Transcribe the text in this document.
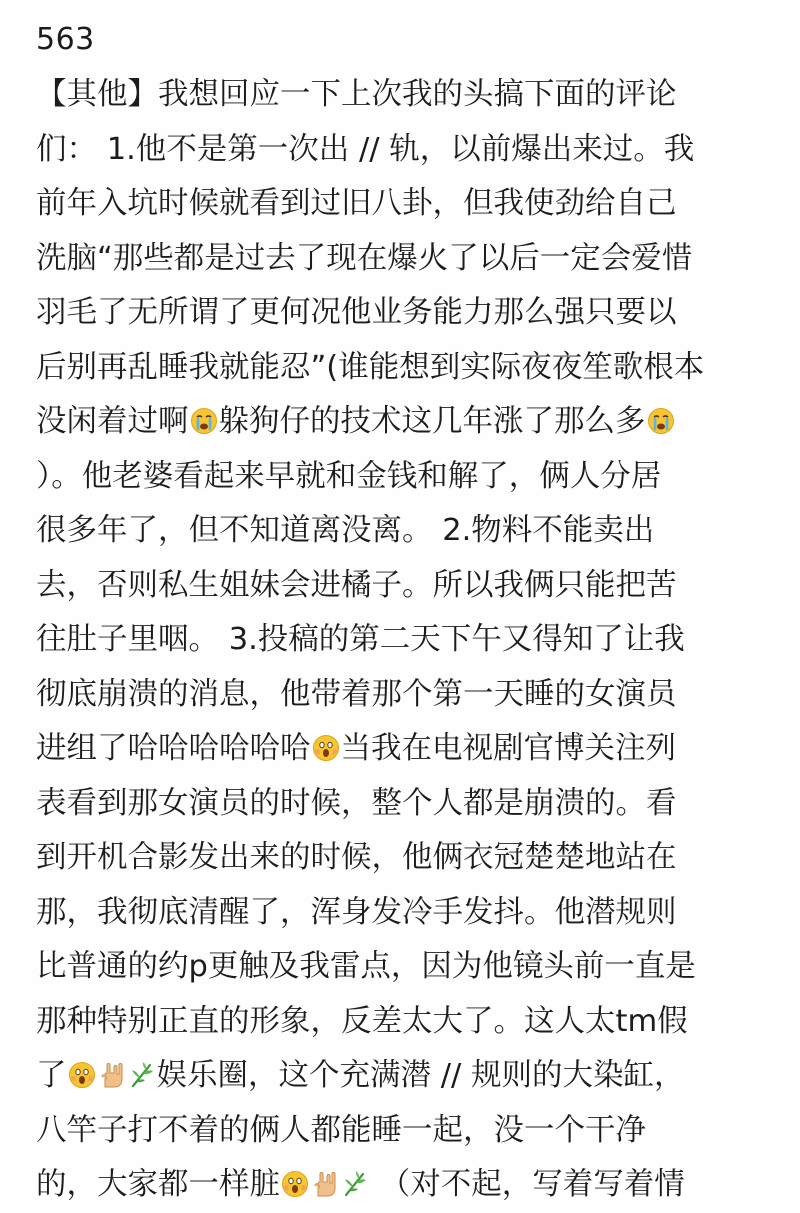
563
【其他】我想回应一下上次我的头搞下面的评论
们： 1.他不是第一次出 // 轨，以前爆出来过。我
前年入坑时候就看到过旧八卦，但我使劲给自己
洗脑“那些都是过去了现在爆火了以后一定会爱惜
羽毛了无所谓了更何况他业务能力那么强只要以
后别再乱睡我就能忍”(谁能想到实际夜夜笙歌根本
没闲着过啊 躲狗仔的技术这几年涨了那么多
）。他老婆看起来早就和金钱和解了，俩人分居
很多年了，但不知道离没离。 2.物料不能卖出
去，否则私生姐妹会进橘子。所以我俩只能把苦
往肚子里咽。 3.投稿的第二天下午又得知了让我
彻底崩溃的消息，他带着那个第一天睡的女演员
进组了哈哈哈哈哈哈 当我在电视剧官博关注列
表看到那女演员的时候，整个人都是崩溃的。看
到开机合影发出来的时候，他俩衣冠楚楚地站在
那，我彻底清醒了，浑身发冷手发抖。他潜规则
比普通的约p更触及我雷点，因为他镜头前一直是
那种特别正直的形象，反差太大了。这人太tm假
了	娱乐圈，这个充满潜 // 规则的大染缸，
八竿子打不着的俩人都能睡一起，没一个干净
的，大家都一样脏	（对不起，写着写着情
